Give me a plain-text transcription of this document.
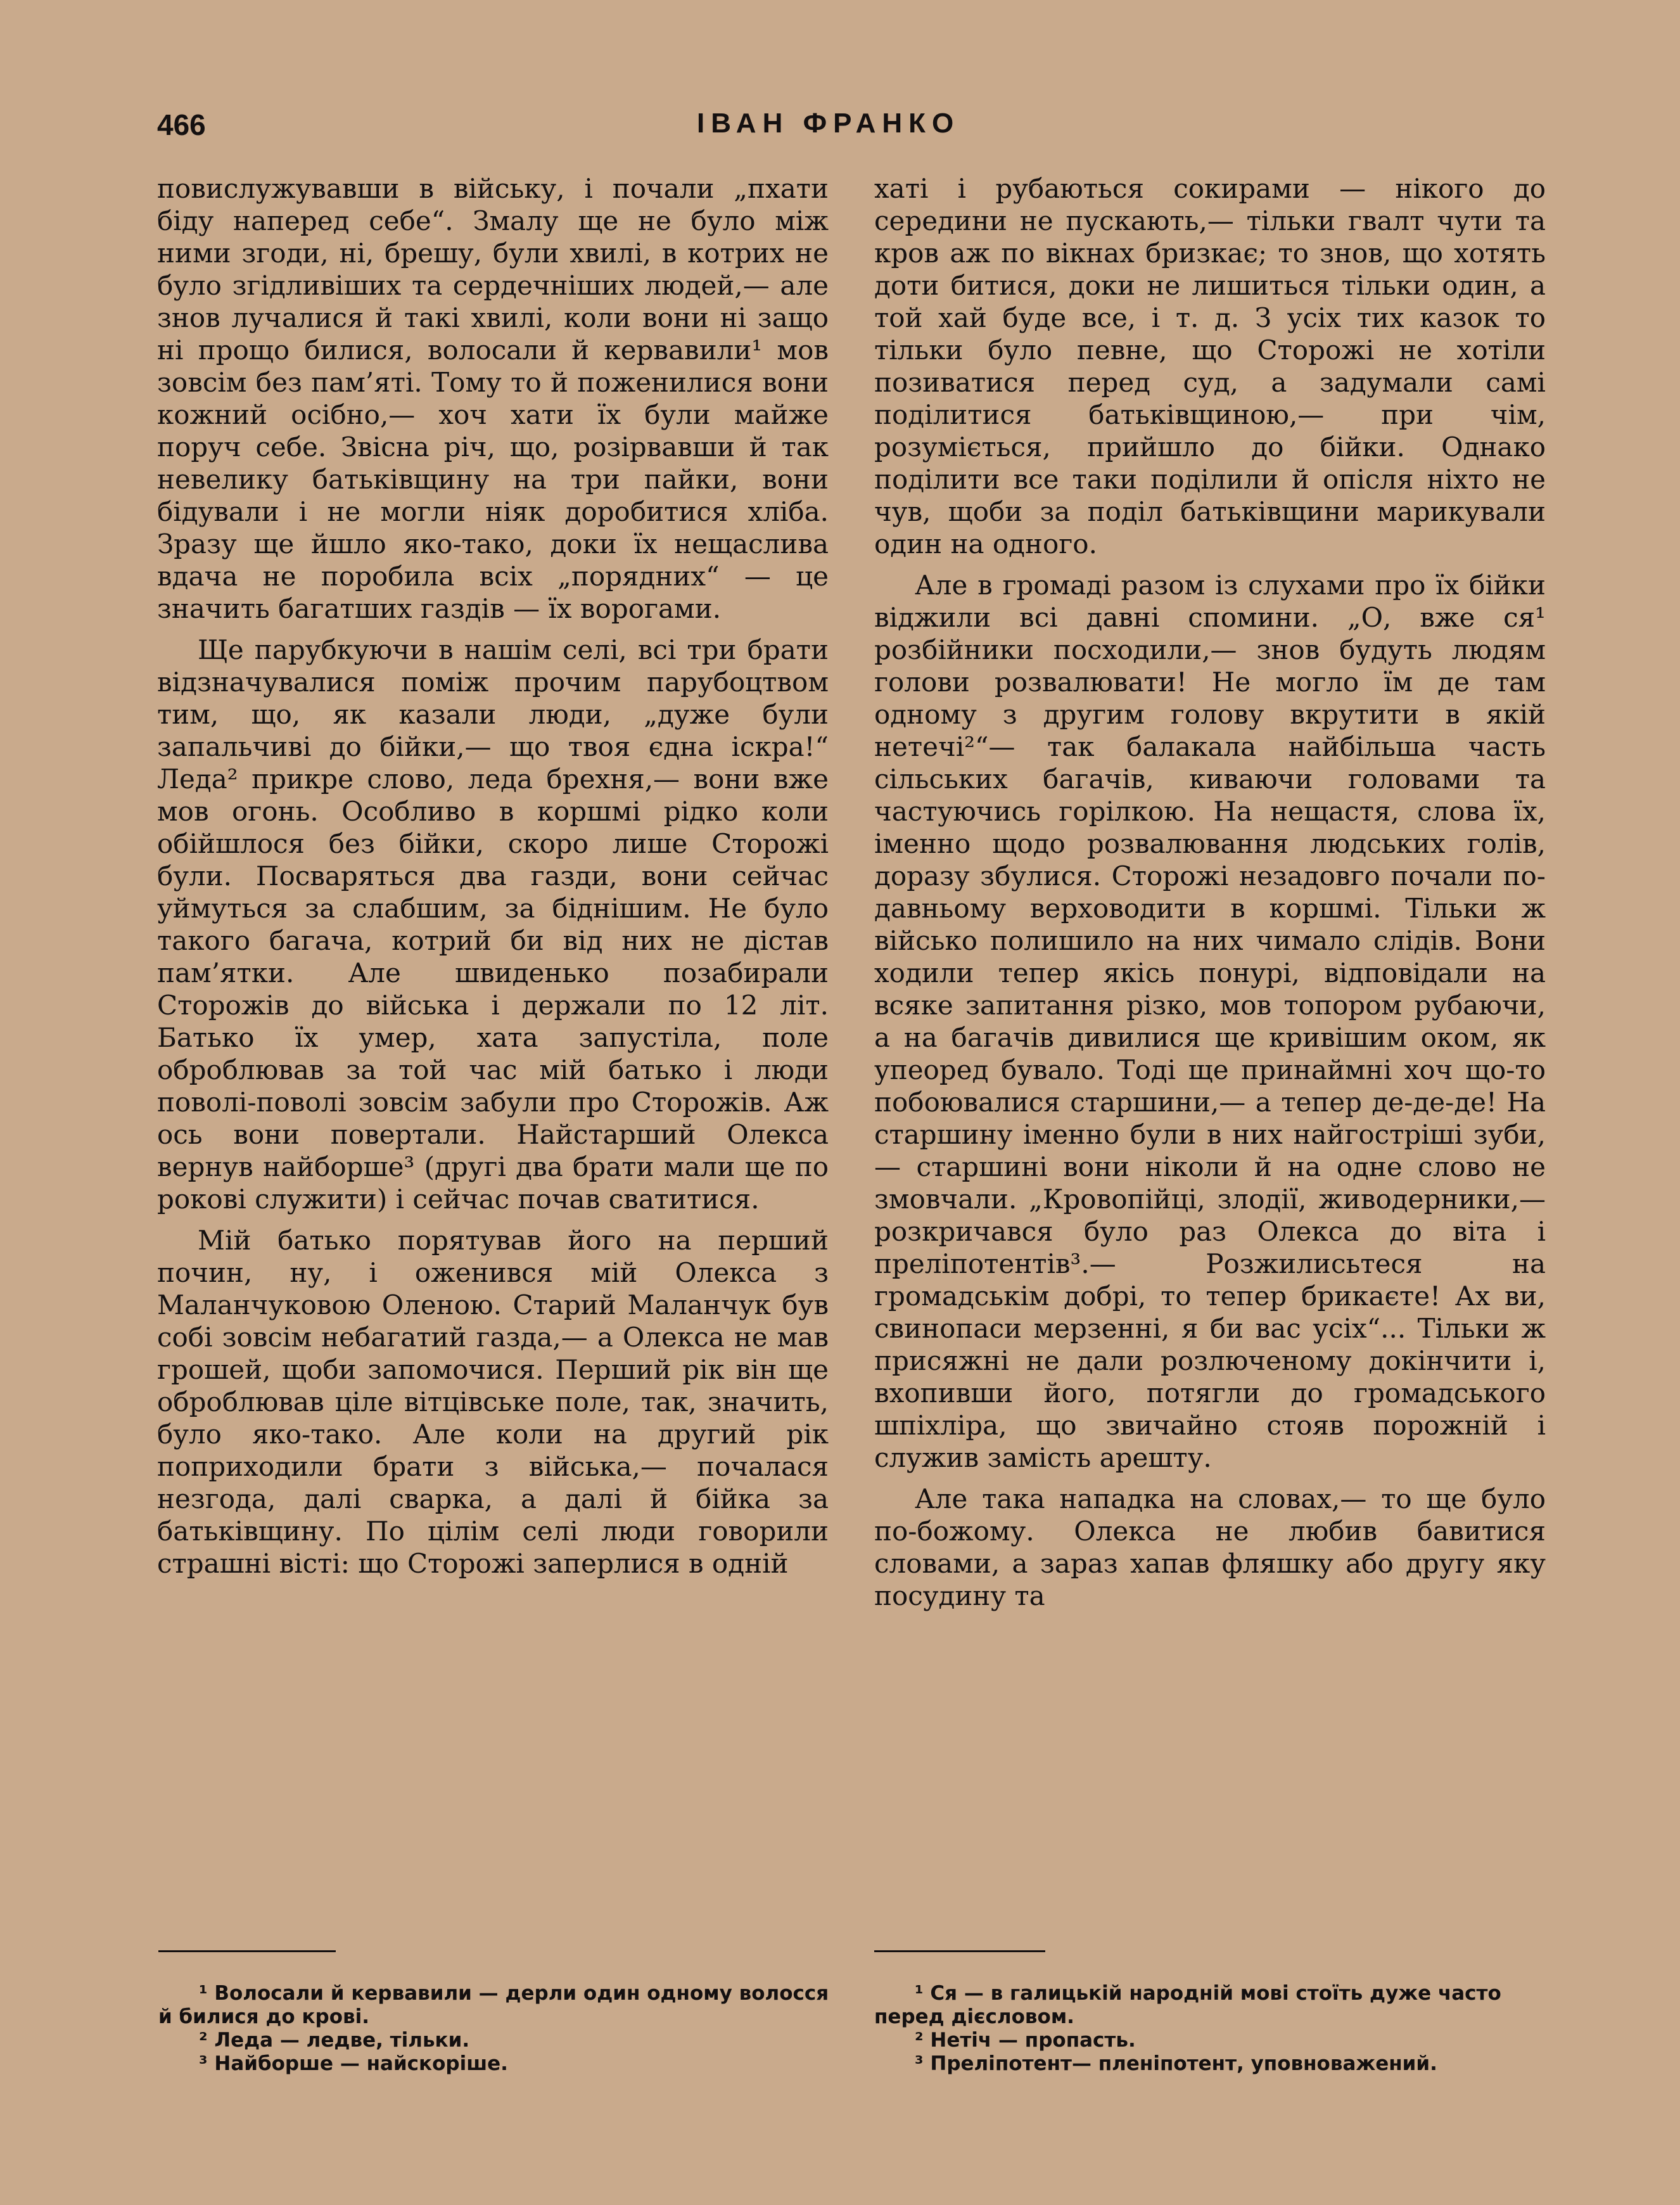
466	ІВАН ФРАНКО

повислужувавши в війську, і почали „пхати біду наперед себе“. Змалу ще не було між ними згоди, ні, брешу, були хвилі, в котрих не було згідливіших та сердечніших людей,— але знов лучалися й такі хвилі, коли вони ні защо ні прощо билися, волосали й кервавили¹ мов зовсім без пам’яті. Тому то й поженилися вони кожний осібно,— хоч хати їх були майже поруч себе. Звісна річ, що, розірвавши й так невелику батьківщину на три пайки, вони бідували і не могли ніяк доробитися хліба. Зразу ще йшло яко-тако, доки їх нещаслива вдача не поробила всіх „порядних“ — це значить багатших газдів — їх ворогами.

Ще парубкуючи в нашім селі, всі три брати відзначувалися поміж прочим парубоцтвом тим, що, як казали люди, „дуже були запальчиві до бійки,— що твоя єдна іскра!“ Леда² прикре слово, леда брехня,— вони вже мов огонь. Особливо в коршмі рідко коли обійшлося без бійки, скоро лише Сторожі були. Посваряться два газди, вони сейчас уймуться за слабшим, за біднішим. Не було такого багача, котрий би від них не дістав пам’ятки. Але швиденько позабирали Сторожів до війська і держали по 12 літ. Батько їх умер, хата запустіла, поле оброблював за той час мій батько і люди поволі-поволі зовсім забули про Сторожів. Аж ось вони повертали. Найстарший Олекса вернув найборше³ (другі два брати мали ще по рокові служити) і сейчас почав сватитися.

Мій батько порятував його на перший почин, ну, і оженився мій Олекса з Маланчуковою Оленою. Старий Маланчук був собі зовсім небагатий газда,— а Олекса не мав грошей, щоби запомочися. Перший рік він ще оброблював ціле вітцівське поле, так, значить, було яко-тако. Але коли на другий рік поприходили брати з війська,— почалася незгода, далі сварка, а далі й бійка за батьківщину. По цілім селі люди говорили страшні вісті: що Сторожі заперлися в одній

хаті і рубаються сокирами — нікого до середини не пускають,— тільки гвалт чути та кров аж по вікнах бризкає; то знов, що хотять доти битися, доки не лишиться тільки один, а той хай буде все, і т. д. З усіх тих казок то тільки було певне, що Сторожі не хотіли позиватися перед суд, а задумали самі поділитися батьківщиною,— при чім, розуміється, прийшло до бійки. Однако поділити все таки поділили й опісля ніхто не чув, щоби за поділ батьківщини марикували один на одного.

Але в громаді разом із слухами про їх бійки віджили всі давні спомини. „О, вже ся¹ розбійники посходили,— знов будуть людям голови розвалювати! Не могло їм де там одному з другим голову вкрутити в якій нетечі²“— так балакала найбільша часть сільських багачів, киваючи головами та частуючись горілкою. На нещастя, слова їх, іменно щодо розвалювання людських голів, доразу збулися. Сторожі незадовго почали по-давньому верховодити в коршмі. Тільки ж військо полишило на них чимало слідів. Вони ходили тепер якісь понурі, відповідали на всяке запитання різко, мов топором рубаючи, а на багачів дивилися ще кривішим оком, як упеоред бувало. Тоді ще принаймні хоч що-то побоювалися старшини,— а тепер де-де-де! На старшину іменно були в них найгостріші зуби,— старшині вони ніколи й на одне слово не змовчали. „Кровопійці, злодії, живодерники,— розкричався було раз Олекса до віта і преліпотентів³.— Розжилисьтеся на громадськім добрі, то тепер брикаєте! Ах ви, свинопаси мерзенні, я би вас усіх“... Тільки ж присяжні не дали розлюченому докінчити і, вхопивши його, потягли до громадського шпіхліра, що звичайно стояв порожній і служив замість арешту.

Але така нападка на словах,— то ще було по-божому. Олекса не любив бавитися словами, а зараз хапав фляшку або другу яку посудину та

¹ Волосали й кервавили — дерли один одному волосся й билися до крові.
² Леда — ледве, тільки.
³ Найборше — найскоріше.
¹ Ся — в галицькій народній мові стоїть дуже часто перед дієсловом.
² Нетіч — пропасть.
³ Преліпотент— пленіпотент, уповноважений.
